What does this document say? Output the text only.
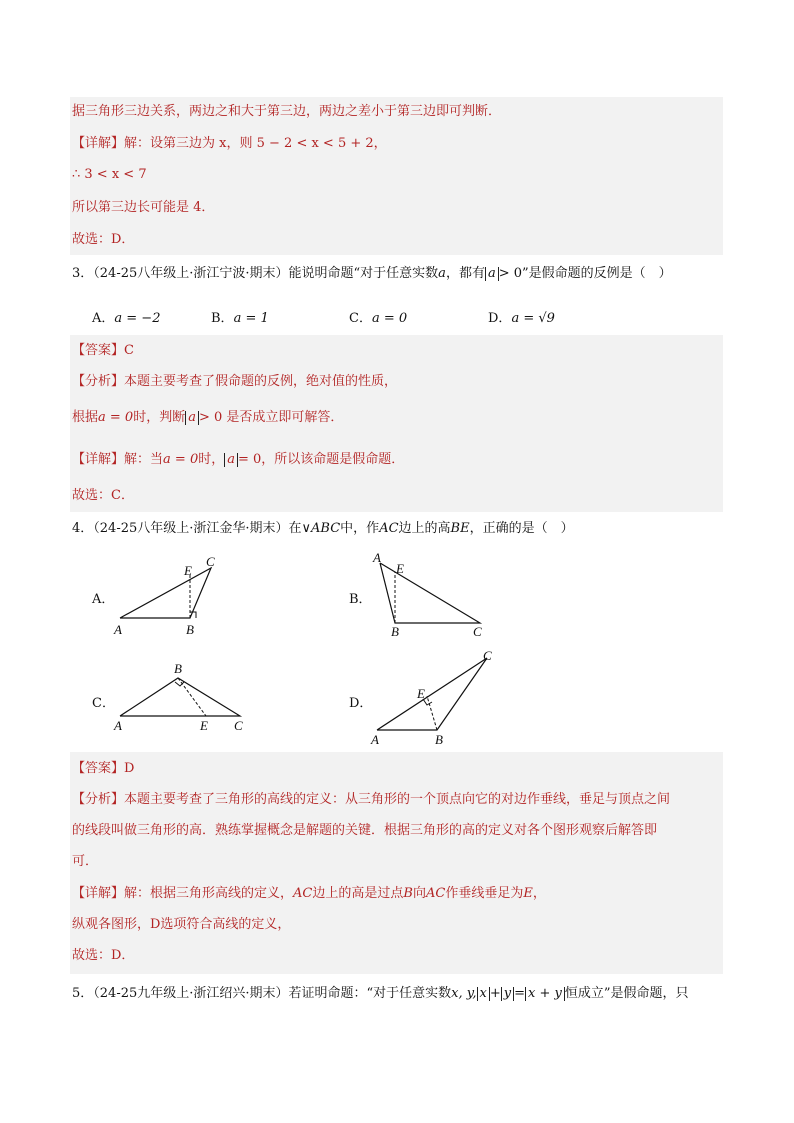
据三角形三边关系，两边之和大于第三边，两边之差小于第三边即可判断．
【详解】解：设第三边为 x，则 5 − 2 < x < 5 + 2，
∴ 3 < x < 7
所以第三边长可能是 4．
故选：D．
3．（24-25八年级上·浙江宁波·期末）能说明命题“对于任意实数a，都有 a > 0”是假命题的反例是（　）
A．a = −2	B．a = 1	C．a = 0	D．a = √9
【答案】C
【分析】本题主要考查了假命题的反例，绝对值的性质，
根据a = 0时，判断 a > 0 是否成立即可解答．
【详解】解：当a = 0时， a = 0，所以该命题是假命题．
故选：C．
4．（24-25八年级上·浙江金华·期末）在∨ABC中，作AC边上的高BE，正确的是（　）
A．
A	B
C
E
B．
A
B	C
E
C．
A
B
C
E
D．
A	B
C
E
【答案】D
【分析】本题主要考查了三角形的高线的定义：从三角形的一个顶点向它的对边作垂线，垂足与顶点之间
的线段叫做三角形的高．熟练掌握概念是解题的关键．根据三角形的高的定义对各个图形观察后解答即
可．
【详解】解：根据三角形高线的定义，AC边上的高是过点B向AC作垂线垂足为E，
纵观各图形，D选项符合高线的定义，
故选：D．
5．（24-25九年级上·浙江绍兴·期末）若证明命题：“对于任意实数x, y, x + y = x + y 恒成立”是假命题，只
